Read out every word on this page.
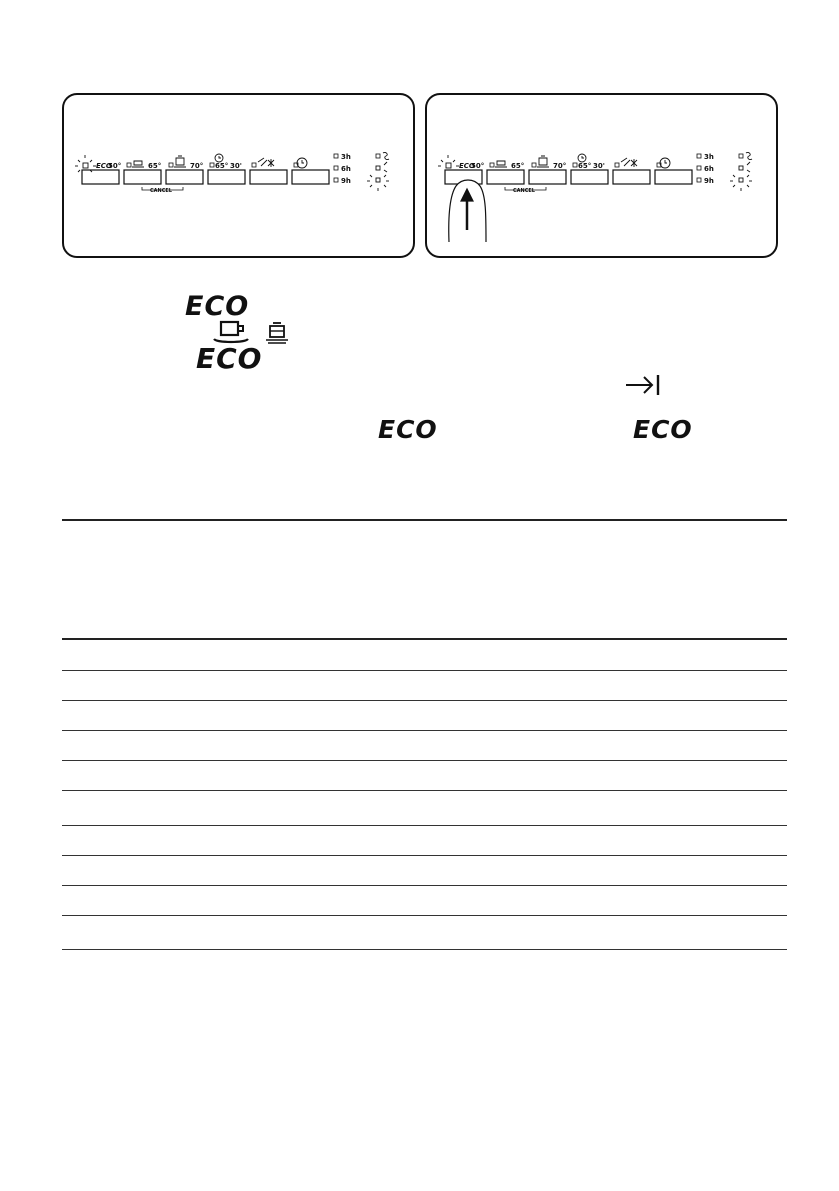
ECO
50°	65°	70° 65° 30'
3h
6h
9h
CANCEL
ECO
50°	65°	70° 65° 30'
3h
6h
9h
CANCEL
ECO
ECO
ECO	ECO
